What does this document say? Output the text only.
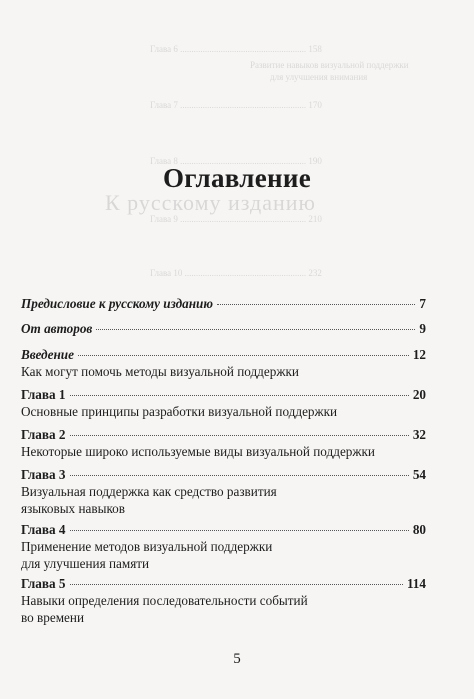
Глава 6 ........................................................ 158
Развитие навыков визуальной поддержки
для улучшения внимания
Глава 7 ........................................................ 170
Глава 8 ........................................................ 190
Глава 9 ........................................................ 210
Глава 10 ...................................................... 232
К русскому изданию
Оглавление
Предисловие к русскому изданию	7
От авторов	9
Введение	12
Как могут помочь методы визуальной поддержки
Глава 1	20
Основные принципы разработки визуальной поддержки
Глава 2	32
Некоторые широко используемые виды визуальной поддержки
Глава 3	54
Визуальная поддержка как средство развития
языковых навыков
Глава 4	80
Применение методов визуальной поддержки
для улучшения памяти
Глава 5	114
Навыки определения последовательности событий
во времени
5
